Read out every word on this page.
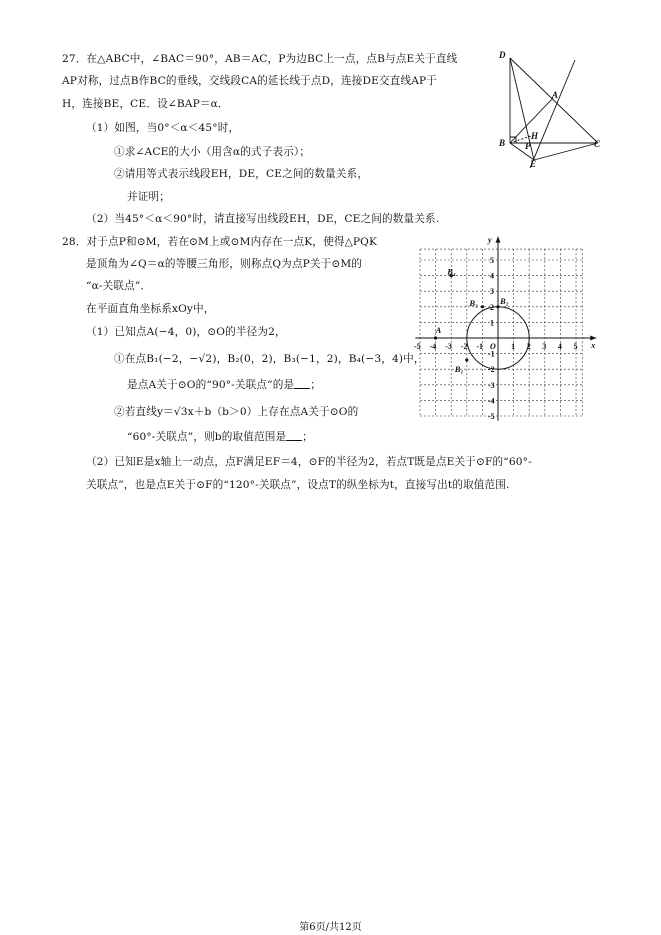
27．在△ABC中，∠BAC＝90°，AB＝AC，P为边BC上一点，点B与点E关于直线
AP对称，过点B作BC的垂线，交线段CA的延长线于点D，连接DE交直线AP于
H，连接BE，CE．设∠BAP＝α．
（1）如图，当0°＜α＜45°时，
①求∠ACE的大小（用含α的式子表示）；
②请用等式表示线段EH，DE，CE之间的数量关系，
并证明；
（2）当45°＜α＜90°时，请直接写出线段EH，DE，CE之间的数量关系.
D
A
H
B P	C
E
28．对于点P和⊙M，若在⊙M上或⊙M内存在一点K，使得△PQK
是顶角为∠Q＝α的等腰三角形，则称点Q为点P关于⊙M的
“α-关联点”．
在平面直角坐标系xOy中，
（1）已知点A(−4，0)，⊙O的半径为2，
①在点B₁(−2，−√2)，B₂(0，2)，B₃(−1，2)，B₄(−3，4)中，
是点A关于⊙O的“90°-关联点”的是 ；
②若直线y＝√3x＋b（b＞0）上存在点A关于⊙O的
“60°-关联点”，则b的取值范围是 ；
（2）已知E是x轴上一动点，点F满足EF＝4，⊙F的半径为2，若点T既是点E关于⊙F的“60°-
关联点”，也是点E关于⊙F的“120°-关联点”，设点T的纵坐标为t，直接写出t的取值范围.
-5 -4 -3 -2 -1	1 2 3 4 5
5
4
3
2
1
-1
-2
-3
-4
-5
O	x
y
A
B₁
B₂
B₃
B₄
第6页/共12页
